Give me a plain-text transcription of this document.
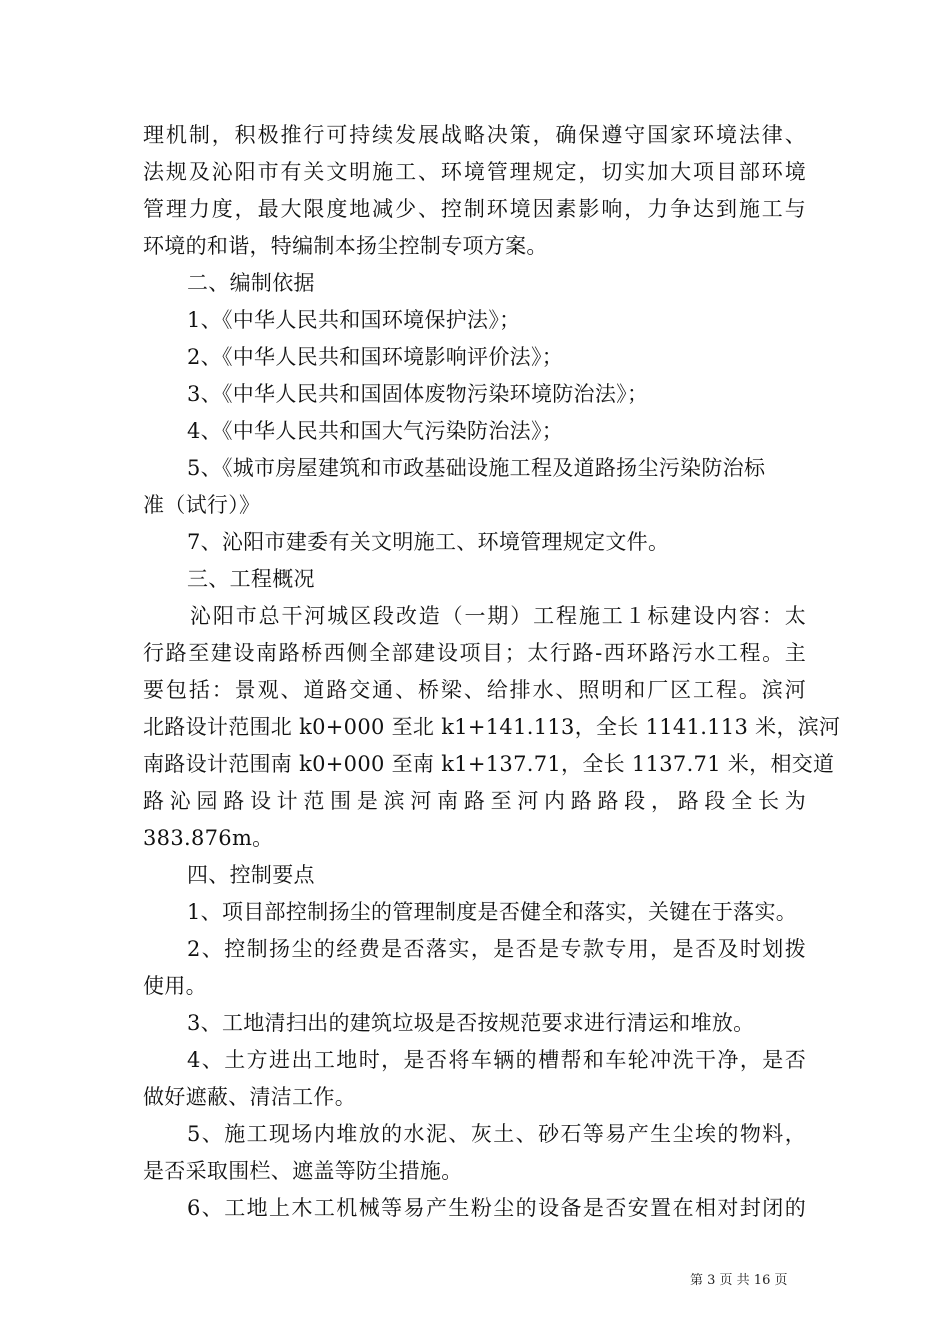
理机制，积极推行可持续发展战略决策，确保遵守国家环境法律、
法规及沁阳市有关文明施工、环境管理规定，切实加大项目部环境
管理力度，最大限度地减少、控制环境因素影响，力争达到施工与
环境的和谐，特编制本扬尘控制专项方案。
二、编制依据
1、《中华人民共和国环境保护法》；
2、《中华人民共和国环境影响评价法》；
3、《中华人民共和国固体废物污染环境防治法》；
4、《中华人民共和国大气污染防治法》；
5、《城市房屋建筑和市政基础设施工程及道路扬尘污染防治标
准（试行）》
7、沁阳市建委有关文明施工、环境管理规定文件。
三、工程概况
沁阳市总干河城区段改造（一期）工程施工１标建设内容：太
行路至建设南路桥西侧全部建设项目；太行路-西环路污水工程。主
要包括：景观、道路交通、桥梁、给排水、照明和厂区工程。滨河
北路设计范围北 k0+000 至北 k1+141.113，全长 1141.113 米，滨河
南路设计范围南 k0+000 至南 k1+137.71，全长 1137.71 米，相交道
路沁园路设计范围是滨河南路至河内路路段，路段全长为
383.876m。
四、控制要点
1、项目部控制扬尘的管理制度是否健全和落实，关键在于落实。
2、控制扬尘的经费是否落实，是否是专款专用，是否及时划拨
使用。
3、工地清扫出的建筑垃圾是否按规范要求进行清运和堆放。
4、土方进出工地时，是否将车辆的槽帮和车轮冲洗干净，是否
做好遮蔽、清洁工作。
5、施工现场内堆放的水泥、灰土、砂石等易产生尘埃的物料，
是否采取围栏、遮盖等防尘措施。
6、工地上木工机械等易产生粉尘的设备是否安置在相对封闭的
第 3 页 共 16 页
